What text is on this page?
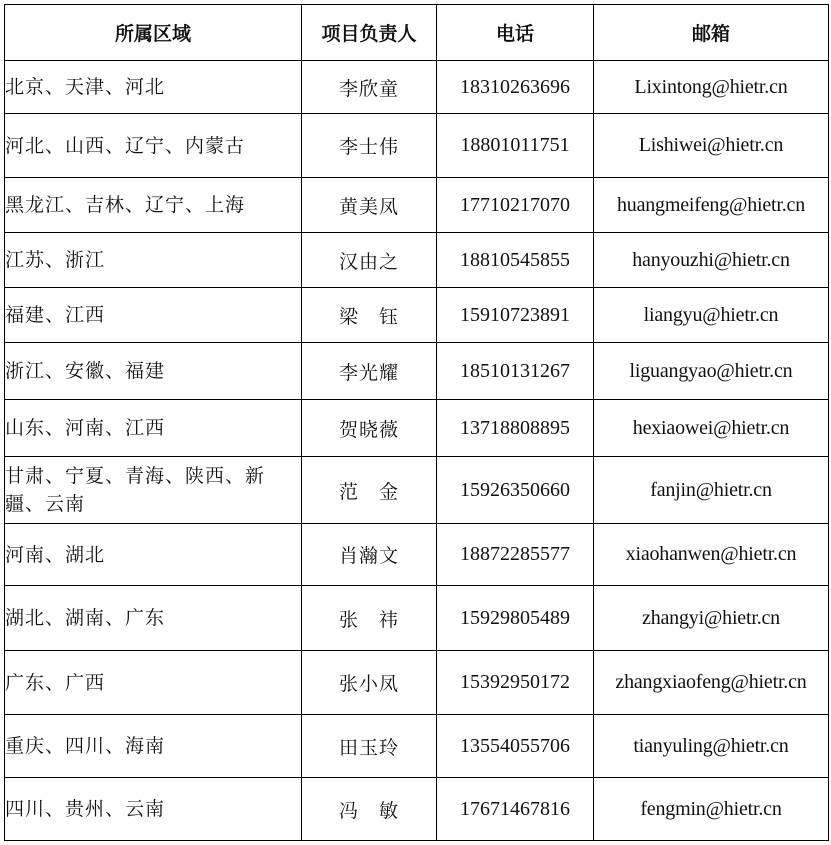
所属区域	项目负责人	电话	邮箱
北京、天津、河北	李欣童	18310263696	Lixintong@hietr.cn
河北、山西、辽宁、内蒙古	李士伟	18801011751	Lishiwei@hietr.cn
黑龙江、吉林、辽宁、上海	黄美凤	17710217070	huangmeifeng@hietr.cn
江苏、浙江	汉由之	18810545855	hanyouzhi@hietr.cn
福建、江西	梁　钰	15910723891	liangyu@hietr.cn
浙江、安徽、福建	李光耀	18510131267	liguangyao@hietr.cn
山东、河南、江西	贺晓薇	13718808895	hexiaowei@hietr.cn
甘肃、宁夏、青海、陕西、新疆、云南	范　金	15926350660	fanjin@hietr.cn
河南、湖北	肖瀚文	18872285577	xiaohanwen@hietr.cn
湖北、湖南、广东	张　祎	15929805489	zhangyi@hietr.cn
广东、广西	张小凤	15392950172	zhangxiaofeng@hietr.cn
重庆、四川、海南	田玉玲	13554055706	tianyuling@hietr.cn
四川、贵州、云南	冯　敏	17671467816	fengmin@hietr.cn
